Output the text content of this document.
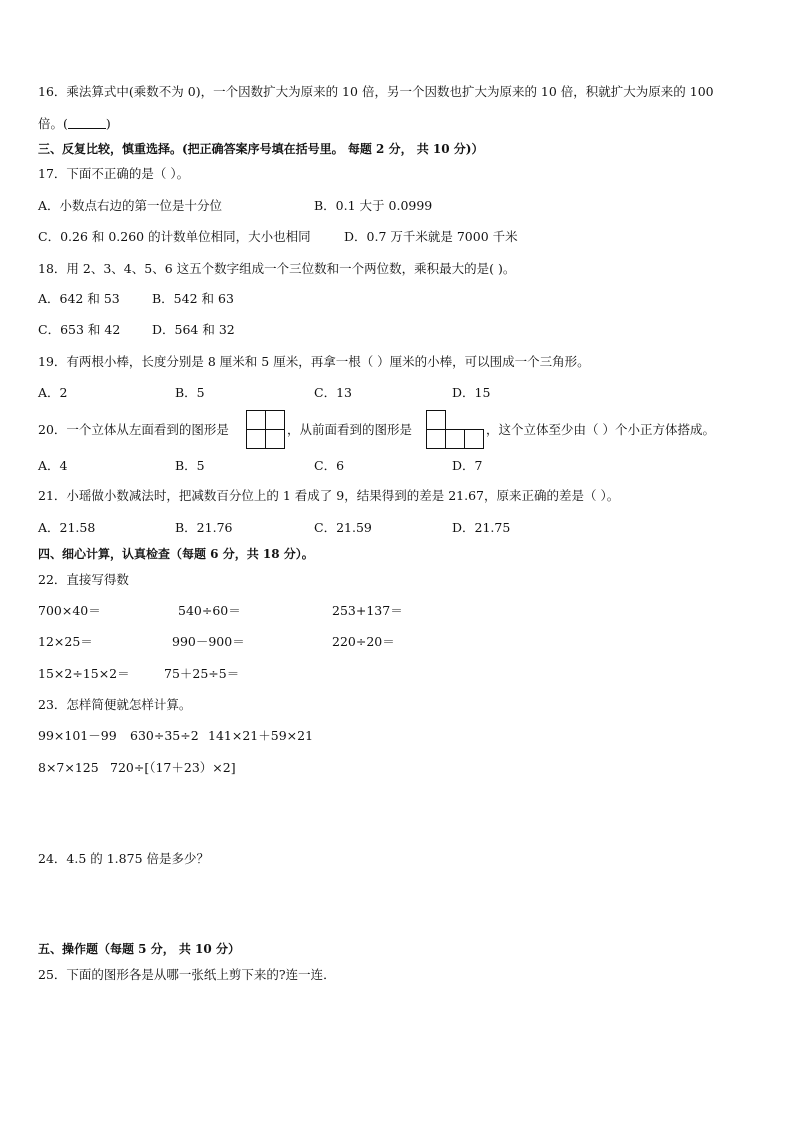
16．乘法算式中(乘数不为 0)，一个因数扩大为原来的 10 倍，另一个因数也扩大为原来的 10 倍，积就扩大为原来的 100
倍。(	)
三、反复比较，慎重选择。(把正确答案序号填在括号里。 每题 2 分， 共 10 分)）
17．下面不正确的是（ ）。
A．小数点右边的第一位是十分位	B．0.1 大于 0.0999
C．0.26 和 0.260 的计数单位相同，大小也相同	D．0.7 万千米就是 7000 千米
18．用 2、3、4、5、6 这五个数字组成一个三位数和一个两位数，乘积最大的是( )。
A．642 和 53	B．542 和 63
C．653 和 42	D．564 和 32
19．有两根小棒，长度分别是 8 厘米和 5 厘米，再拿一根（ ）厘米的小棒，可以围成一个三角形。
A．2	B．5	C．13	D．15
20．一个立体从左面看到的图形是

		，从前面看到的图形是

			，这个立体至少由（ ）个小正方体搭成。
A．4	B．5	C．6	D．7
21．小瑶做小数减法时，把减数百分位上的 1 看成了 9，结果得到的差是 21.67，原来正确的差是（ ）。
A．21.58	B．21.76	C．21.59	D．21.75
四、细心计算，认真检查（每题 6 分，共 18 分）。
22．直接写得数
700×40＝	540÷60＝	253+137＝
12×25＝	990－900＝	220÷20＝
15×2÷15×2＝	75＋25÷5＝
23．怎样简便就怎样计算。
99×101－99 630÷35÷2 141×21＋59×21
8×7×125 720÷[（17＋23）×2]
24．4.5 的 1.875 倍是多少？
五、操作题（每题 5 分， 共 10 分）
25．下面的图形各是从哪一张纸上剪下来的?连一连．
